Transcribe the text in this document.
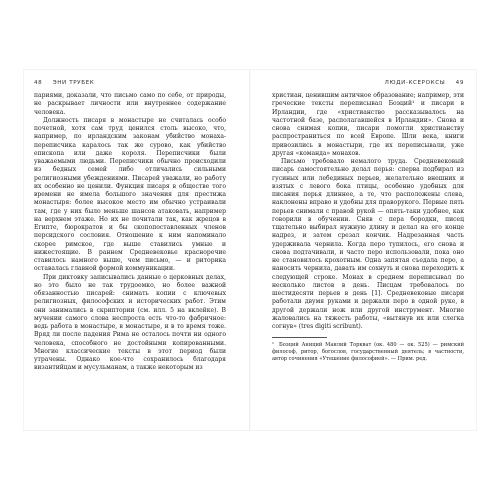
48 ЭНИ ТРУБЕК

париями, доказали, что письмо само по себе, от природы, не раскрывает личности или внутреннее содержание человека.

Должность писаря в монастыре не считалась особо почетной, хотя сам труд ценился столь высоко, что, например, по ирландским законам убийство монаха-переписчика каралось так же сурово, как убийство епископа или даже короля. Переписчики были уважаемыми людьми. Переписчики обычно происходили из бедных семей либо отличались сильными религиозными убеждениями. Писарей уважали, но работу их особенно не ценили. Функция писаря в обществе того времени не имела большого значения для престижа монастыря: более высокое место им обычно устраивали там, где у них было меньше шансов атаковать, например на верхнем этаже. Но их не почитали так, как жрецов в Египте, бюрократов и бы скопопоставленных членов персидского сословия. Отношение к ним напоминало скорее римское, где выше ставились умные и нижестоящие. В раннем Средневековье красноречие ставилось намного выше, чем письмо, — и риторика оставалась главной формой коммуникации.

При диктовку записывались данные о церковных делах, но это было не так трудоемко, но более важной обязанностью писарей: снимать копии с ключевых религиозных, философских и исторических работ. Этим они занимались в скриптории (см. илл. 5 на вклейке). В мучении самого слова неспроста есть что-то фабричное: ведь работа в монастыре, в монастыре, и в то время тоже. Вряд ли после падения Рима не осталось почти ни одного человека, способного не достойными копированными. Многие классические тексты в этот период были утрачены. Однако кое-что сохранилось благодаря византийцам и мусульманам, а также некоторым из

ЛЮДИ-КСЕРОКСЫ 49

христиан, ценившим античное образование; например, эти греческие тексты переписывал Боэций¹ и писари в Ирландии, где «христианство рассказывалось на частотной базе, располагавшейся в Ирландии». Снова и снова снимая копии, писари помогли христианству распространиться по всей Европе. Шли века, книги привозились в монастыри, где их переписывали, уже другая «команда» монахов.

Письмо требовало немалого труда. Средневековый писарь самостоятельно делал перья: сперва подбирал из гусиных или лебединых перьев, желательно внешних и взятых с левого бока птицы, особенно удобных для писания перья длиннее, а те, что расположены слева, наклонены вправо и удобны для праворукого. Первые пять перьев снимали с правой рукой — опять-таки удобнее, как говорили в обучении. Сняв с пера бородки, писец тщательно выбирал нужную длину и делал на его конце надрез, и затем срезал кончик. Надрезанная часть удерживала чернила. Когда перо тупилось, его снова и снова подтачивали, и часто перо использовали, пока оно не становилось крохотным. Одна запятая съедала перо, а наносить чернила, давать им сохнуть и снова переходить к следующей строке. Монах в среднем переписывал по несколько листов в день. Писцам требовалось по шестидесяти перьев в день [1]. Средневековые писари работали двумя руками и держали перо в одной руке, в другой держали нож или другой инструмент. Многие жаловались на тяжесть работы, «вытянув их или слегка согнув» (tres digiti scribunt).

¹ Боэций Аниций Манлий Торкват (ок. 480 — ок. 525) — римский философ, ритор, богослов, государственный деятель; в частности, автор сочинения «Утешение философией». — Прим. ред.
